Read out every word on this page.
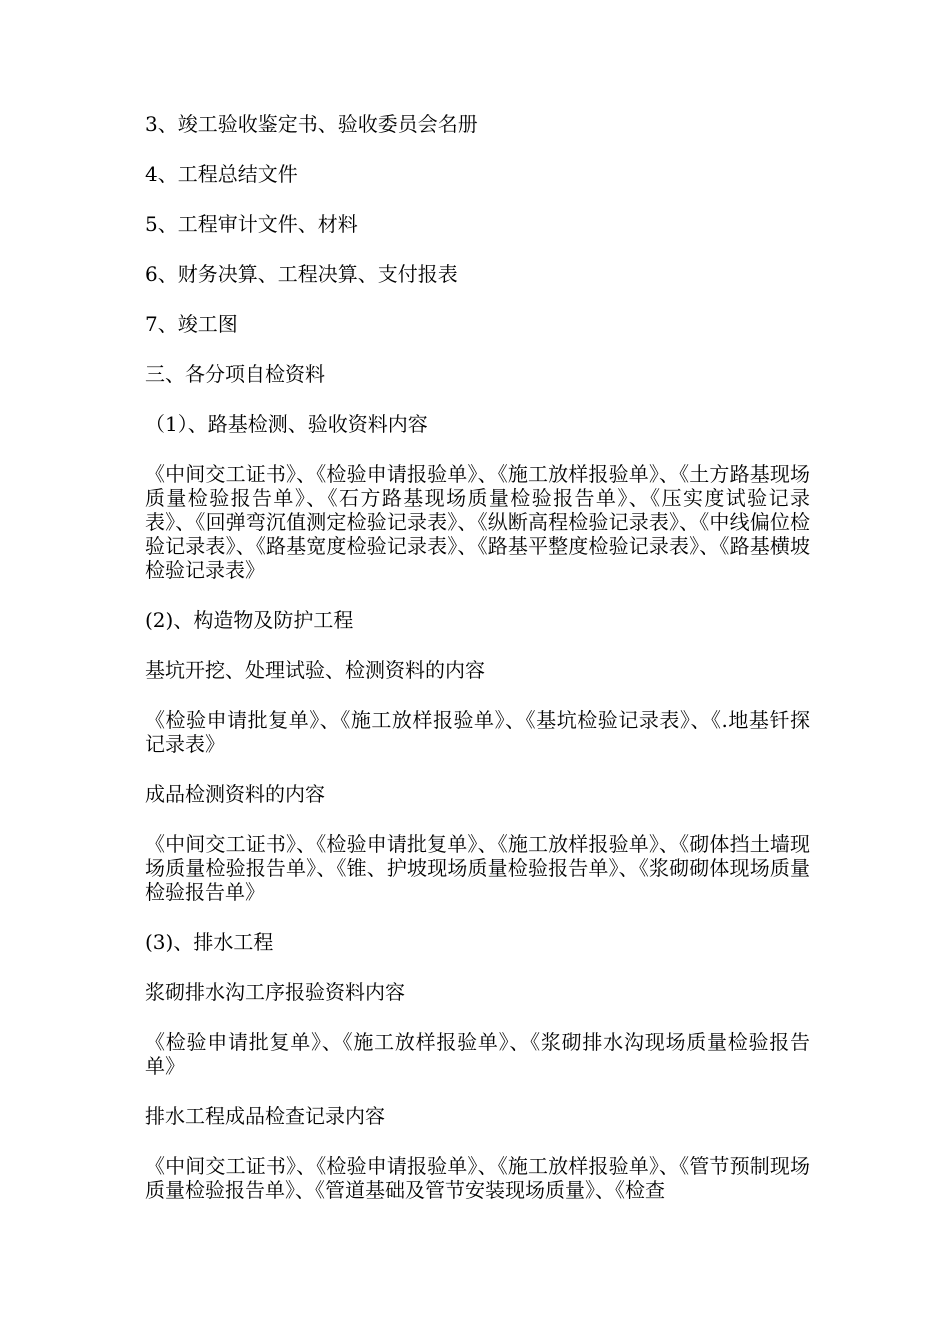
3、竣工验收鉴定书、验收委员会名册

4、工程总结文件

5、工程审计文件、材料

6、财务决算、工程决算、支付报表

7、竣工图

三、各分项自检资料

（1）、路基检测、验收资料内容

《中间交工证书》、《检验申请报验单》、《施工放样报验单》、《土方路基现场质量检验报告单》、《石方路基现场质量检验报告单》、《压实度试验记录表》、《回弹弯沉值测定检验记录表》、《纵断高程检验记录表》、《中线偏位检验记录表》、《路基宽度检验记录表》、《路基平整度检验记录表》、《路基横坡检验记录表》

(2)、构造物及防护工程

基坑开挖、处理试验、检测资料的内容

《检验申请批复单》、《施工放样报验单》、《基坑检验记录表》、《.地基钎探记录表》

成品检测资料的内容

《中间交工证书》、《检验申请批复单》、《施工放样报验单》、《砌体挡土墙现场质量检验报告单》、《锥、护坡现场质量检验报告单》、《浆砌砌体现场质量检验报告单》

(3)、排水工程

浆砌排水沟工序报验资料内容

《检验申请批复单》、《施工放样报验单》、《浆砌排水沟现场质量检验报告单》

排水工程成品检查记录内容

《中间交工证书》、《检验申请报验单》、《施工放样报验单》、《管节预制现场质量检验报告单》、《管道基础及管节安装现场质量》、《检查
